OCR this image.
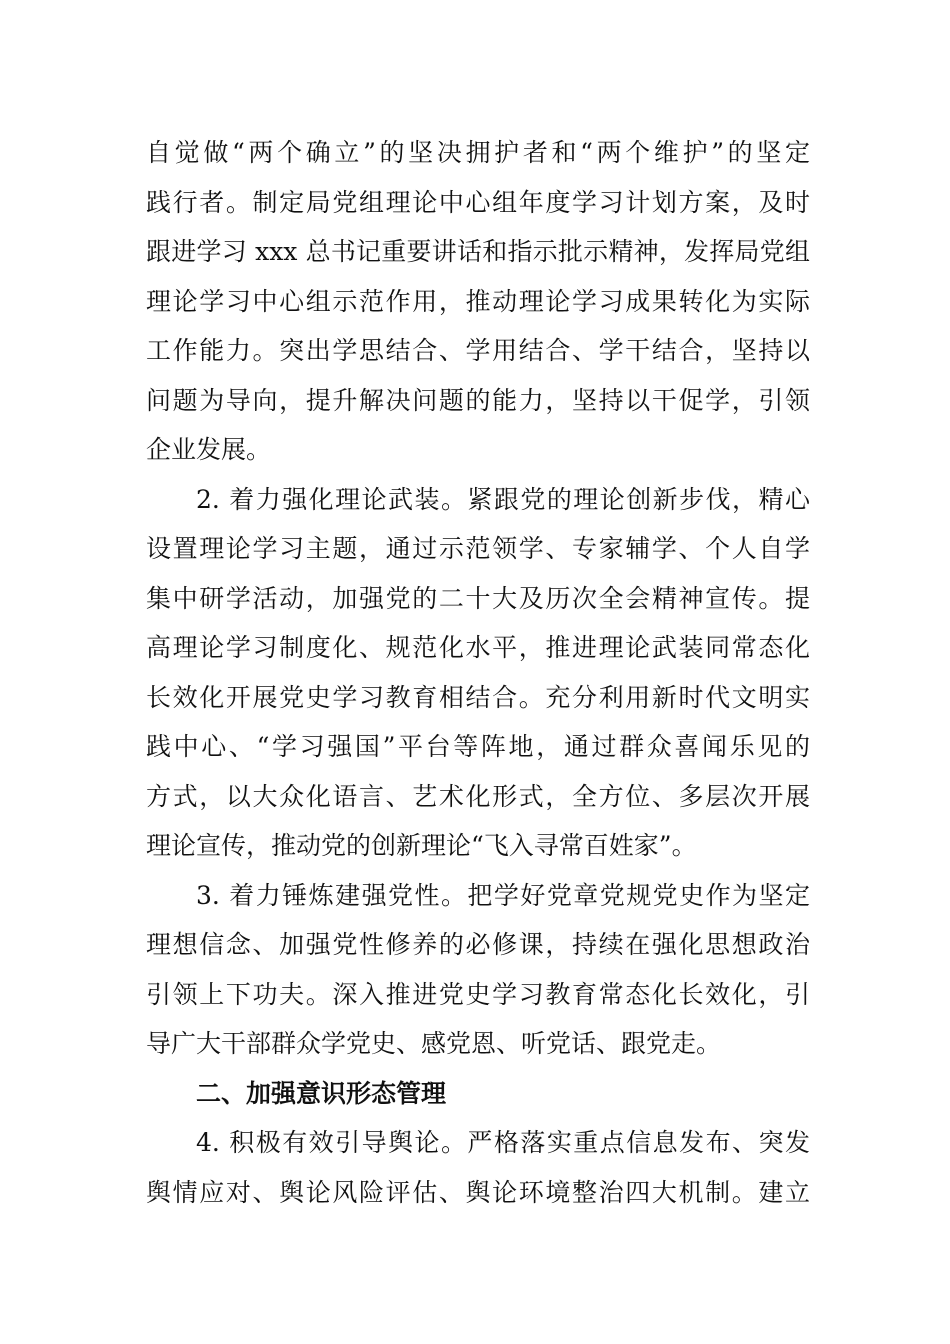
自觉做“两个确立”的坚决拥护者和“两个维护”的坚定
践行者。制定局党组理论中心组年度学习计划方案，及时
跟进学习 xxx 总书记重要讲话和指示批示精神，发挥局党组
理论学习中心组示范作用，推动理论学习成果转化为实际
工作能力。突出学思结合、学用结合、学干结合，坚持以
问题为导向，提升解决问题的能力，坚持以干促学，引领
企业发展。
2. 着力强化理论武装。紧跟党的理论创新步伐，精心
设置理论学习主题，通过示范领学、专家辅学、个人自学
集中研学活动，加强党的二十大及历次全会精神宣传。提
高理论学习制度化、规范化水平，推进理论武装同常态化
长效化开展党史学习教育相结合。充分利用新时代文明实
践中心、“学习强国”平台等阵地，通过群众喜闻乐见的
方式，以大众化语言、艺术化形式，全方位、多层次开展
理论宣传，推动党的创新理论“飞入寻常百姓家”。
3. 着力锤炼建强党性。把学好党章党规党史作为坚定
理想信念、加强党性修养的必修课，持续在强化思想政治
引领上下功夫。深入推进党史学习教育常态化长效化，引
导广大干部群众学党史、感党恩、听党话、跟党走。
二、加强意识形态管理
4. 积极有效引导舆论。严格落实重点信息发布、突发
舆情应对、舆论风险评估、舆论环境整治四大机制。建立
